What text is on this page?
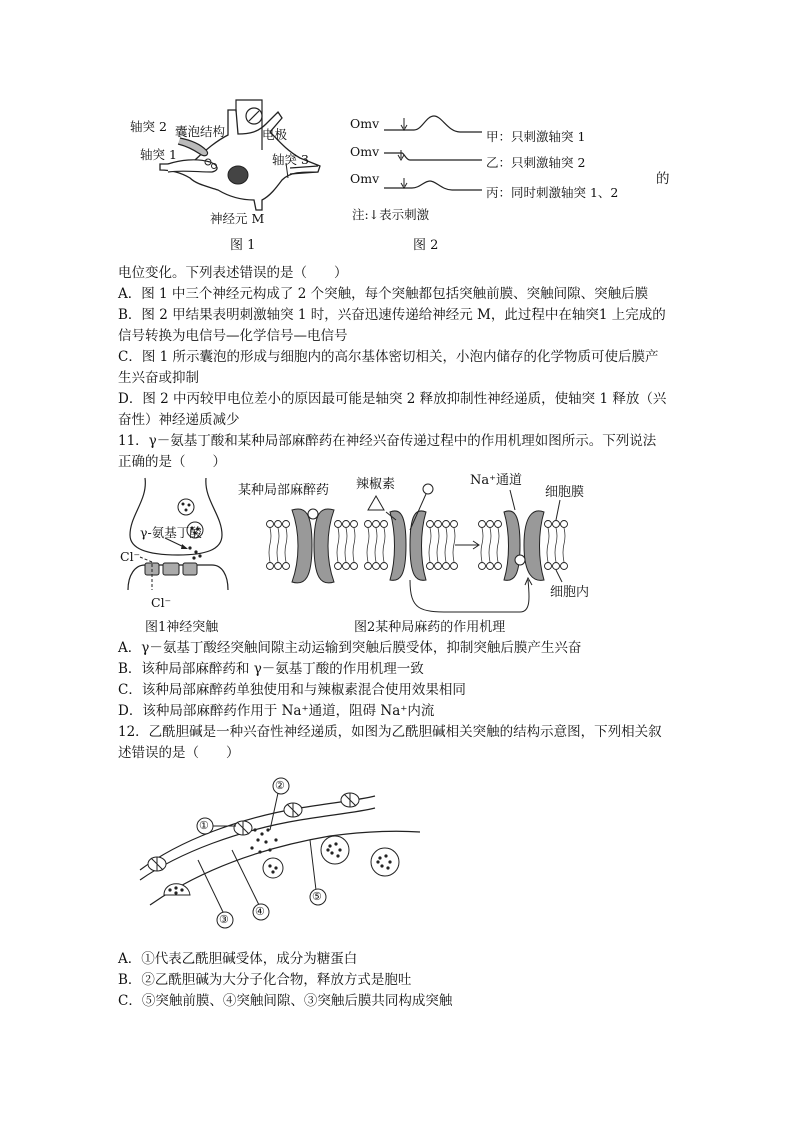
轴突 2 囊泡结构	电极
轴突 1	轴突 3
神经元 M
图 1
Omv
甲：只刺激轴突 1
Omv
乙：只刺激轴突 2
Omv
丙：同时刺激轴突 1、2
注:↓表示刺激
的
图 2
电位变化。下列表述错误的是（　　）
A．图 1 中三个神经元构成了 2 个突触，每个突触都包括突触前膜、突触间隙、突触后膜
B．图 2 甲结果表明刺激轴突 1 时，兴奋迅速传递给神经元 M，此过程中在轴突1 上完成的
信号转换为电信号—化学信号—电信号
C．图 1 所示囊泡的形成与细胞内的高尔基体密切相关，小泡内储存的化学物质可使后膜产
生兴奋或抑制
D．图 2 中丙较甲电位差小的原因最可能是轴突 2 释放抑制性神经递质，使轴突 1 释放（兴
奋性）神经递质减少
11．γ－氨基丁酸和某种局部麻醉药在神经兴奋传递过程中的作用机理如图所示。下列说法
正确的是（　　）
γ-氨基丁酸
Cl⁻
Cl⁻
某种局部麻醉药 辣椒素	Na⁺通道
细胞膜
细胞内
图1神经突触	图2某种局麻药的作用机理
A．γ－氨基丁酸经突触间隙主动运输到突触后膜受体，抑制突触后膜产生兴奋
B．该种局部麻醉药和 γ－氨基丁酸的作用机理一致
C．该种局部麻醉药单独使用和与辣椒素混合使用效果相同
D．该种局部麻醉药作用于 Na⁺通道，阻碍 Na⁺内流
12．乙酰胆碱是一种兴奋性神经递质，如图为乙酰胆碱相关突触的结构示意图，下列相关叙
述错误的是（　　）
①
②
③
④
⑤
A．①代表乙酰胆碱受体，成分为糖蛋白
B．②乙酰胆碱为大分子化合物，释放方式是胞吐
C．⑤突触前膜、④突触间隙、③突触后膜共同构成突触
